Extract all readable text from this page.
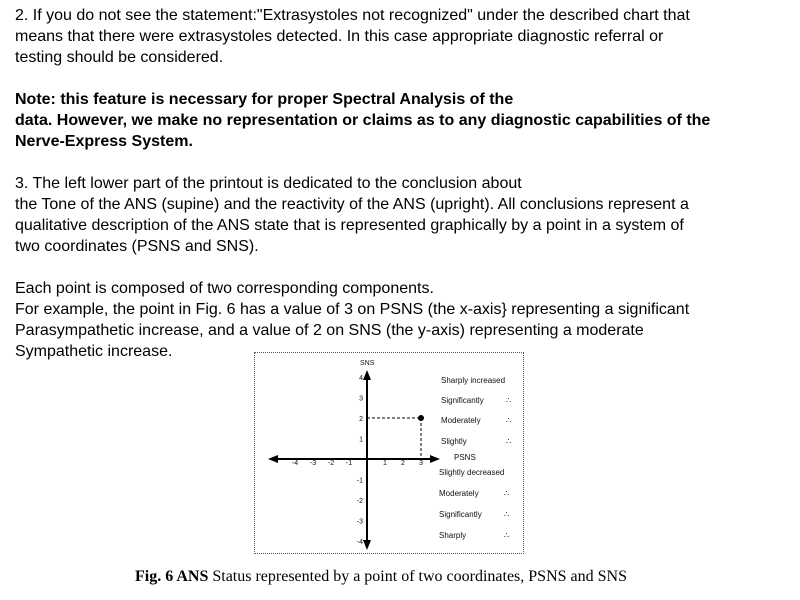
2. If you do not see the statement:"Extrasystoles not recognized" under the described chart that
means that there were extrasystoles detected. In this case appropriate diagnostic referral or
testing should be considered.
Note: this feature is necessary for proper Spectral Analysis of the
data. However, we make no representation or claims as to any diagnostic capabilities of the
Nerve-Express System.
3. The left lower part of the printout is dedicated to the conclusion about
the Tone of the ANS (supine) and the reactivity of the ANS (upright). All conclusions represent a
qualitative description of the ANS state that is represented graphically by a point in a system of
two coordinates (PSNS and SNS).
Each point is composed of two corresponding components.
For example, the point in Fig. 6 has a value of 3 on PSNS (the x-axis} representing a significant
Parasympathetic increase, and a value of 2 on SNS (the y-axis) representing a moderate
Sympathetic increase.
SNS
PSNS
-4 -3 -2 -1	1 2 3
4
3
2
1
-1
-2
-3
-4
Sharply increased
Significantly
Moderately
Slightly
∴
∴
∴
Slightly decreased
Moderately
Significantly
Sharply
∴
∴
∴
Fig. 6 ANS Status represented by a point of two coordinates, PSNS and SNS
